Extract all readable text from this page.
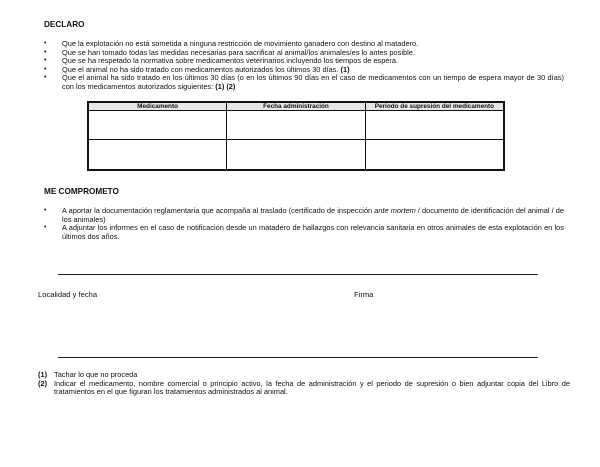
DECLARO
• Que la explotación no está sometida a ninguna restricción de movimiento ganadero con destino al matadero.
• Que se han tomado todas las medidas necesarias para sacrificar al animal/los animales/es lo antes posible.
• Que se ha respetado la normativa sobre medicamentos veterinarios incluyendo los tiempos de espera.
• Que el animal no ha sido tratado con medicamentos autorizados los últimos 30 días. (1)
• Que el animal ha sido tratado en los últimos 30 días (o en los últimos 90 días en el caso de medicamentos con un tiempo de espera mayor de 30 días) con los medicamentos autorizados siguientes: (1) (2)
Medicamento	Fecha administración	Periodo de supresión del medicamento

ME COMPROMETO
• A aportar la documentación reglamentaria que acompaña al traslado (certificado de inspección ante mortem / documento de identificación del animal / de los animales)
• A adjuntar los informes en el caso de notificación desde un matadero de hallazgos con relevancia sanitaria en otros animales de esta explotación en los últimos dos años.
Localidad y fecha	Firma
(1) Tachar lo que no proceda
(2) Indicar el medicamento, nombre comercial o principio activo, la fecha de administración y el periodo de supresión o bien adjuntar copia del Libro de tratamientos en el que figuran los tratamientos administrados al animal.
